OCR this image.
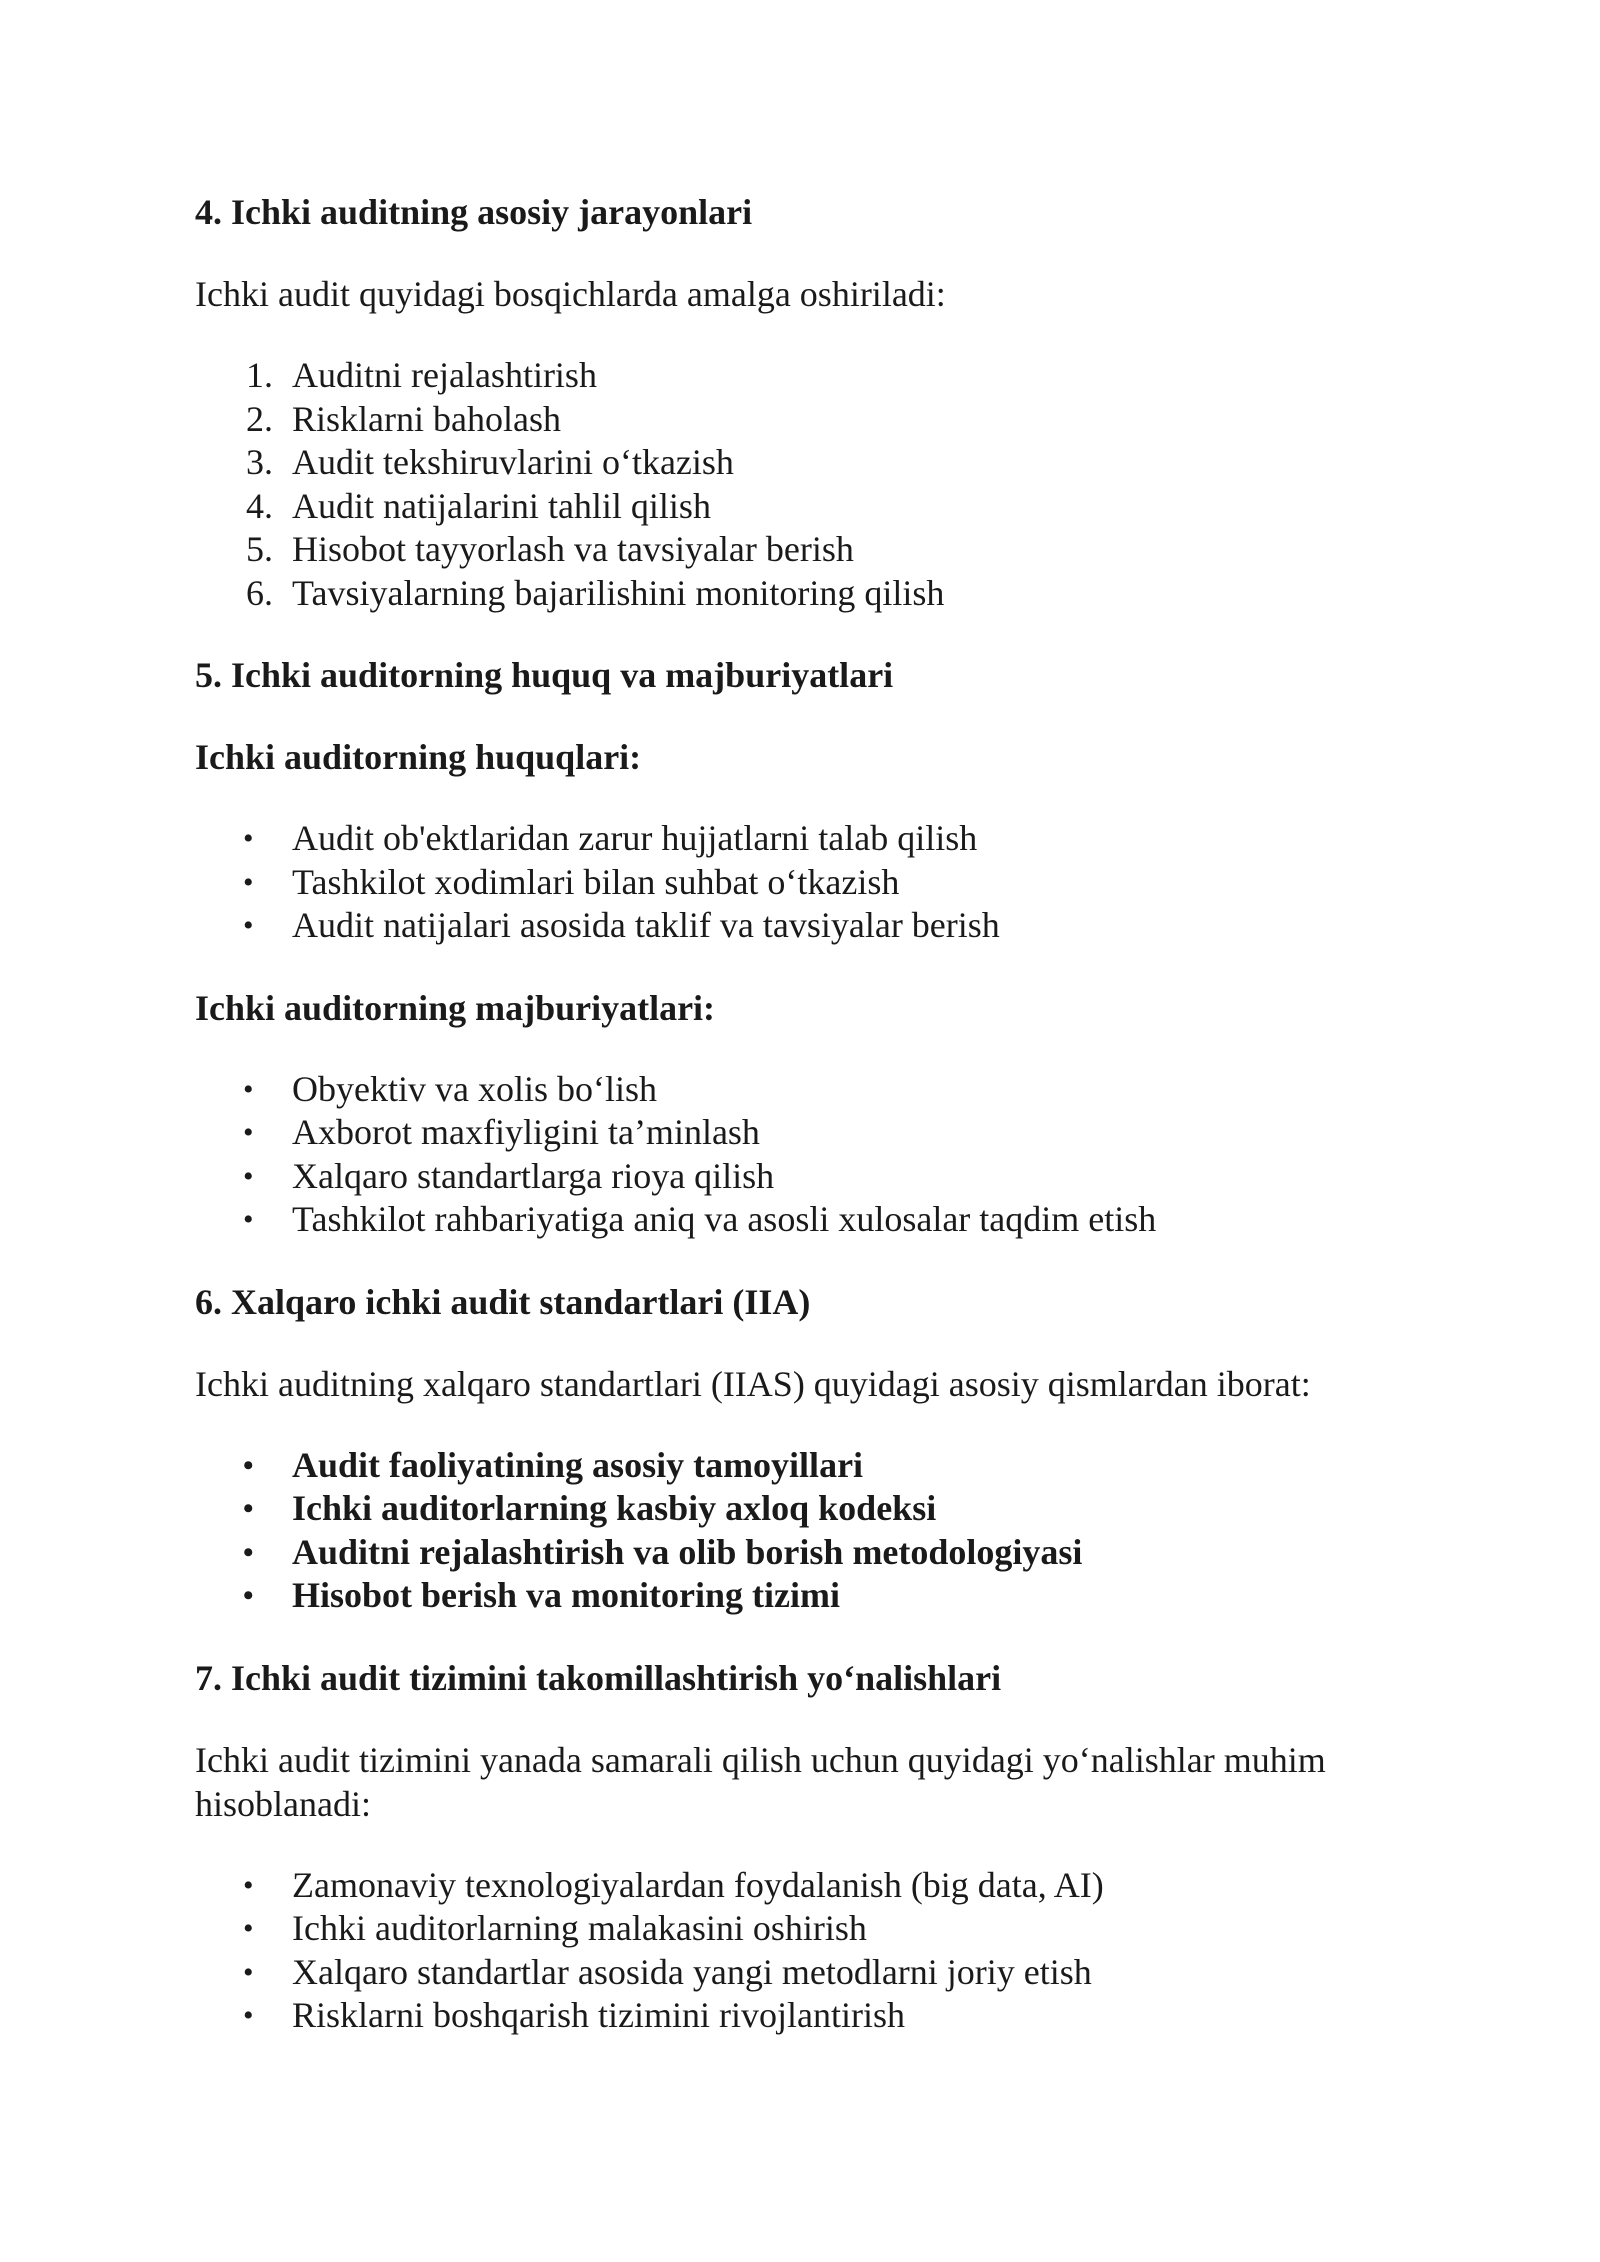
4. Ichki auditning asosiy jarayonlari

Ichki audit quyidagi bosqichlarda amalga oshiriladi:

1. Auditni rejalashtirish
2. Risklarni baholash
3. Audit tekshiruvlarini o‘tkazish
4. Audit natijalarini tahlil qilish
5. Hisobot tayyorlash va tavsiyalar berish
6. Tavsiyalarning bajarilishini monitoring qilish

5. Ichki auditorning huquq va majburiyatlari

Ichki auditorning huquqlari:

• Audit ob'ektlaridan zarur hujjatlarni talab qilish
• Tashkilot xodimlari bilan suhbat o‘tkazish
• Audit natijalari asosida taklif va tavsiyalar berish

Ichki auditorning majburiyatlari:

• Obyektiv va xolis bo‘lish
• Axborot maxfiyligini ta’minlash
• Xalqaro standartlarga rioya qilish
• Tashkilot rahbariyatiga aniq va asosli xulosalar taqdim etish

6. Xalqaro ichki audit standartlari (IIA)

Ichki auditning xalqaro standartlari (IIAS) quyidagi asosiy qismlardan iborat:

• Audit faoliyatining asosiy tamoyillari
• Ichki auditorlarning kasbiy axloq kodeksi
• Auditni rejalashtirish va olib borish metodologiyasi
• Hisobot berish va monitoring tizimi

7. Ichki audit tizimini takomillashtirish yo‘nalishlari

Ichki audit tizimini yanada samarali qilish uchun quyidagi yo‘nalishlar muhim hisoblanadi:

• Zamonaviy texnologiyalardan foydalanish (big data, AI)
• Ichki auditorlarning malakasini oshirish
• Xalqaro standartlar asosida yangi metodlarni joriy etish
• Risklarni boshqarish tizimini rivojlantirish
